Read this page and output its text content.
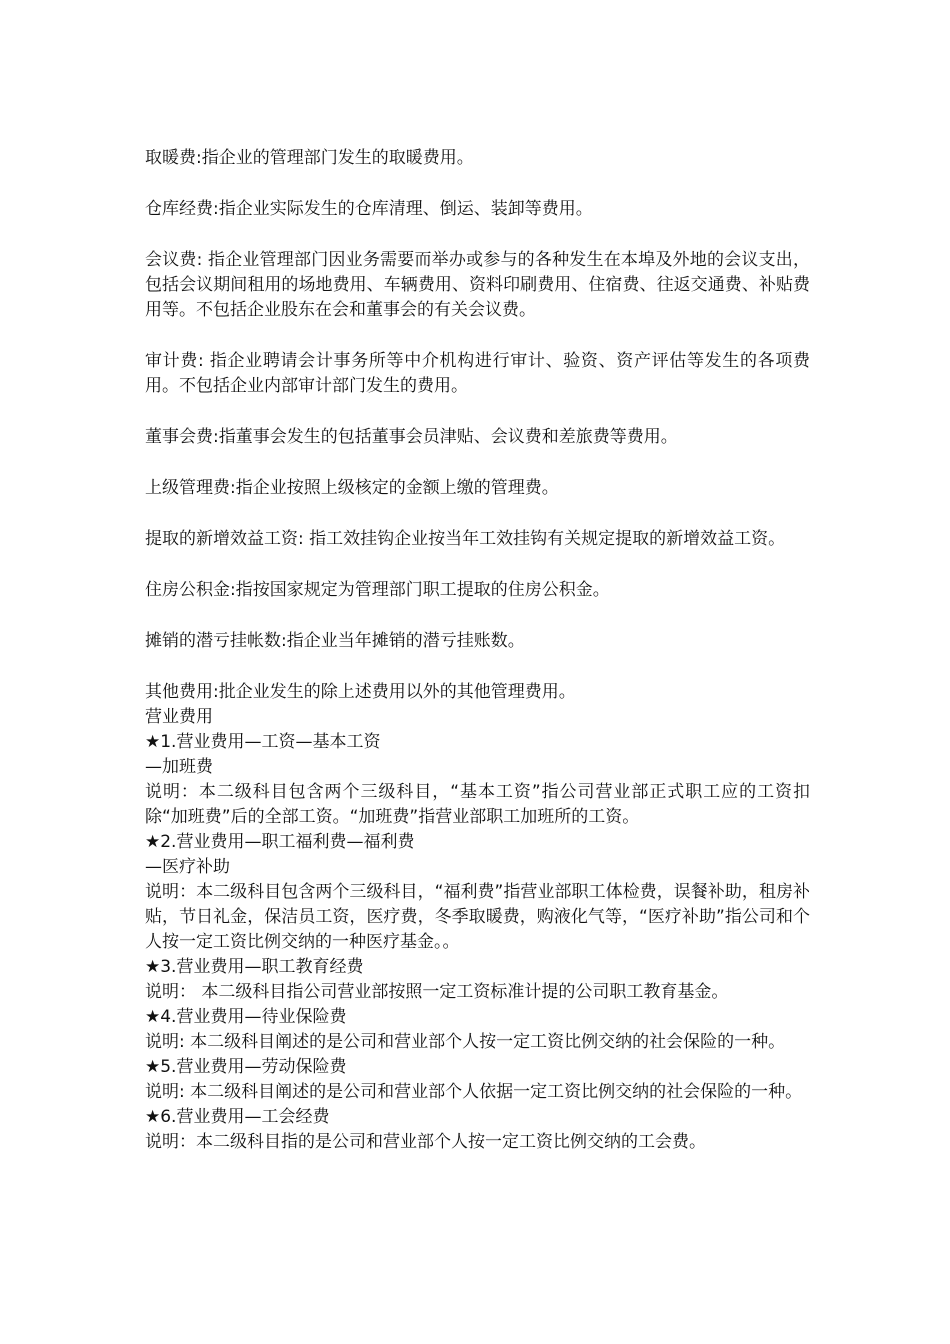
取暖费:指企业的管理部门发生的取暖费用。

仓库经费:指企业实际发生的仓库清理、倒运、装卸等费用。

会议费: 指企业管理部门因业务需要而举办或参与的各种发生在本埠及外地的会议支出，包括会议期间租用的场地费用、车辆费用、资料印刷费用、住宿费、往返交通费、补贴费用等。不包括企业股东在会和董事会的有关会议费。

审计费: 指企业聘请会计事务所等中介机构进行审计、验资、资产评估等发生的各项费用。不包括企业内部审计部门发生的费用。

董事会费:指董事会发生的包括董事会员津贴、会议费和差旅费等费用。

上级管理费:指企业按照上级核定的金额上缴的管理费。

提取的新增效益工资: 指工效挂钩企业按当年工效挂钩有关规定提取的新增效益工资。

住房公积金:指按国家规定为管理部门职工提取的住房公积金。

摊销的潜亏挂帐数:指企业当年摊销的潜亏挂账数。

其他费用:批企业发生的除上述费用以外的其他管理费用。

营业费用

★1.营业费用—工资—基本工资

—加班费

说明：本二级科目包含两个三级科目，“基本工资”指公司营业部正式职工应的工资扣除“加班费”后的全部工资。“加班费”指营业部职工加班所的工资。

★2.营业费用—职工福利费—福利费

—医疗补助

说明：本二级科目包含两个三级科目，“福利费”指营业部职工体检费，误餐补助，租房补贴，节日礼金，保洁员工资，医疗费，冬季取暖费，购液化气等，“医疗补助”指公司和个人按一定工资比例交纳的一种医疗基金。。

★3.营业费用—职工教育经费

说明： 本二级科目指公司营业部按照一定工资标准计提的公司职工教育基金。

★4.营业费用—待业保险费

说明: 本二级科目阐述的是公司和营业部个人按一定工资比例交纳的社会保险的一种。

★5.营业费用—劳动保险费

说明: 本二级科目阐述的是公司和营业部个人依据一定工资比例交纳的社会保险的一种。

★6.营业费用—工会经费

说明：本二级科目指的是公司和营业部个人按一定工资比例交纳的工会费。
